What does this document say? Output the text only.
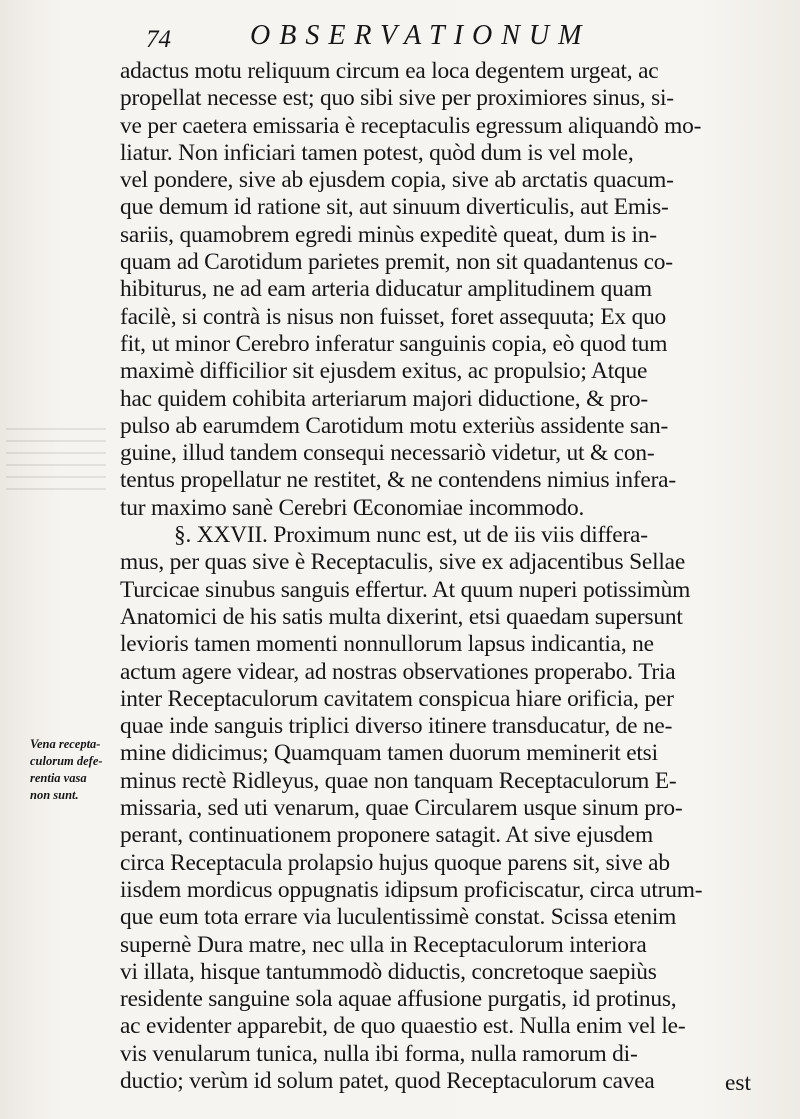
74	OBSERVATIONUM
Vena recepta-
culorum defe-
rentia vasa
non sunt.
adactus motu reliquum circum ea loca degentem urgeat, ac
propellat necesse est; quo sibi sive per proximiores sinus, si-
ve per caetera emissaria è receptaculis egressum aliquandò mo-
liatur. Non inficiari tamen potest, quòd dum is vel mole,
vel pondere, sive ab ejusdem copia, sive ab arctatis quacum-
que demum id ratione sit, aut sinuum diverticulis, aut Emis-
sariis, quamobrem egredi minùs expeditè queat, dum is in-
quam ad Carotidum parietes premit, non sit quadantenus co-
hibiturus, ne ad eam arteria diducatur amplitudinem quam
facilè, si contrà is nisus non fuisset, foret assequuta; Ex quo
fit, ut minor Cerebro inferatur sanguinis copia, eò quod tum
maximè difficilior sit ejusdem exitus, ac propulsio; Atque
hac quidem cohibita arteriarum majori diductione, & pro-
pulso ab earumdem Carotidum motu exteriùs assidente san-
guine, illud tandem consequi necessariò videtur, ut & con-
tentus propellatur ne restitet, & ne contendens nimius infera-
tur maximo sanè Cerebri Œconomiae incommodo.
§. XXVII. Proximum nunc est, ut de iis viis differa-
mus, per quas sive è Receptaculis, sive ex adjacentibus Sellae
Turcicae sinubus sanguis effertur. At quum nuperi potissimùm
Anatomici de his satis multa dixerint, etsi quaedam supersunt
levioris tamen momenti nonnullorum lapsus indicantia, ne
actum agere videar, ad nostras observationes properabo. Tria
inter Receptaculorum cavitatem conspicua hiare orificia, per
quae inde sanguis triplici diverso itinere transducatur, de ne-
mine didicimus; Quamquam tamen duorum meminerit etsi
minus rectè Ridleyus, quae non tanquam Receptaculorum E-
missaria, sed uti venarum, quae Circularem usque sinum pro-
perant, continuationem proponere satagit. At sive ejusdem
circa Receptacula prolapsio hujus quoque parens sit, sive ab
iisdem mordicus oppugnatis idipsum proficiscatur, circa utrum-
que eum tota errare via luculentissimè constat. Scissa etenim
supernè Dura matre, nec ulla in Receptaculorum interiora
vi illata, hisque tantummodò diductis, concretoque saepiùs
residente sanguine sola aquae affusione purgatis, id protinus,
ac evidenter apparebit, de quo quaestio est. Nulla enim vel le-
vis venularum tunica, nulla ibi forma, nulla ramorum di-
ductio; verùm id solum patet, quod Receptaculorum cavea	est
